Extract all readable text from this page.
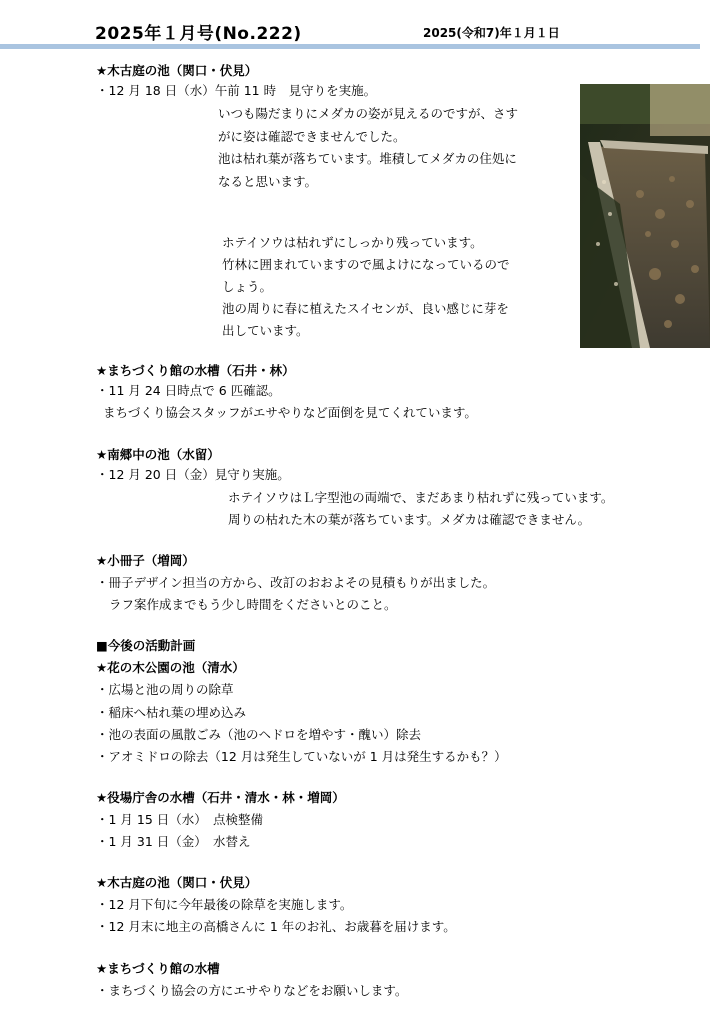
2025年１月号(No.222)	2025(令和7)年１月１日
★木古庭の池（関口・伏見）
・12 月 18 日（水）午前 11 時　見守りを実施。
いつも陽だまりにメダカの姿が見えるのですが、さす
がに姿は確認できませんでした。
池は枯れ葉が落ちています。堆積してメダカの住処に
なると思います。
ホテイソウは枯れずにしっかり残っています。
竹林に囲まれていますので風よけになっているので
しょう。
池の周りに春に植えたスイセンが、良い感じに芽を
出しています。
★まちづくり館の水槽（石井・林）
・11 月 24 日時点で 6 匹確認。
まちづくり協会スタッフがエサやりなど面倒を見てくれています。
★南郷中の池（水留）
・12 月 20 日（金）見守り実施。
ホテイソウはＬ字型池の両端で、まだあまり枯れずに残っています。
周りの枯れた木の葉が落ちています。メダカは確認できません。
★小冊子（増岡）
・冊子デザイン担当の方から、改訂のおおよその見積もりが出ました。
ラフ案作成までもう少し時間をくださいとのこと。
■今後の活動計画
★花の木公園の池（清水）
・広場と池の周りの除草
・稲床へ枯れ葉の埋め込み
・池の表面の風散ごみ（池のヘドロを増やす・醜い）除去
・アオミドロの除去（12 月は発生していないが 1 月は発生するかも？）
★役場庁舎の水槽（石井・清水・林・増岡）
・1 月 15 日（水）　点検整備
・1 月 31 日（金）　水替え
★木古庭の池（関口・伏見）
・12 月下旬に今年最後の除草を実施します。
・12 月末に地主の高橋さんに 1 年のお礼、お歳暮を届けます。
★まちづくり館の水槽
・まちづくり協会の方にエサやりなどをお願いします。
